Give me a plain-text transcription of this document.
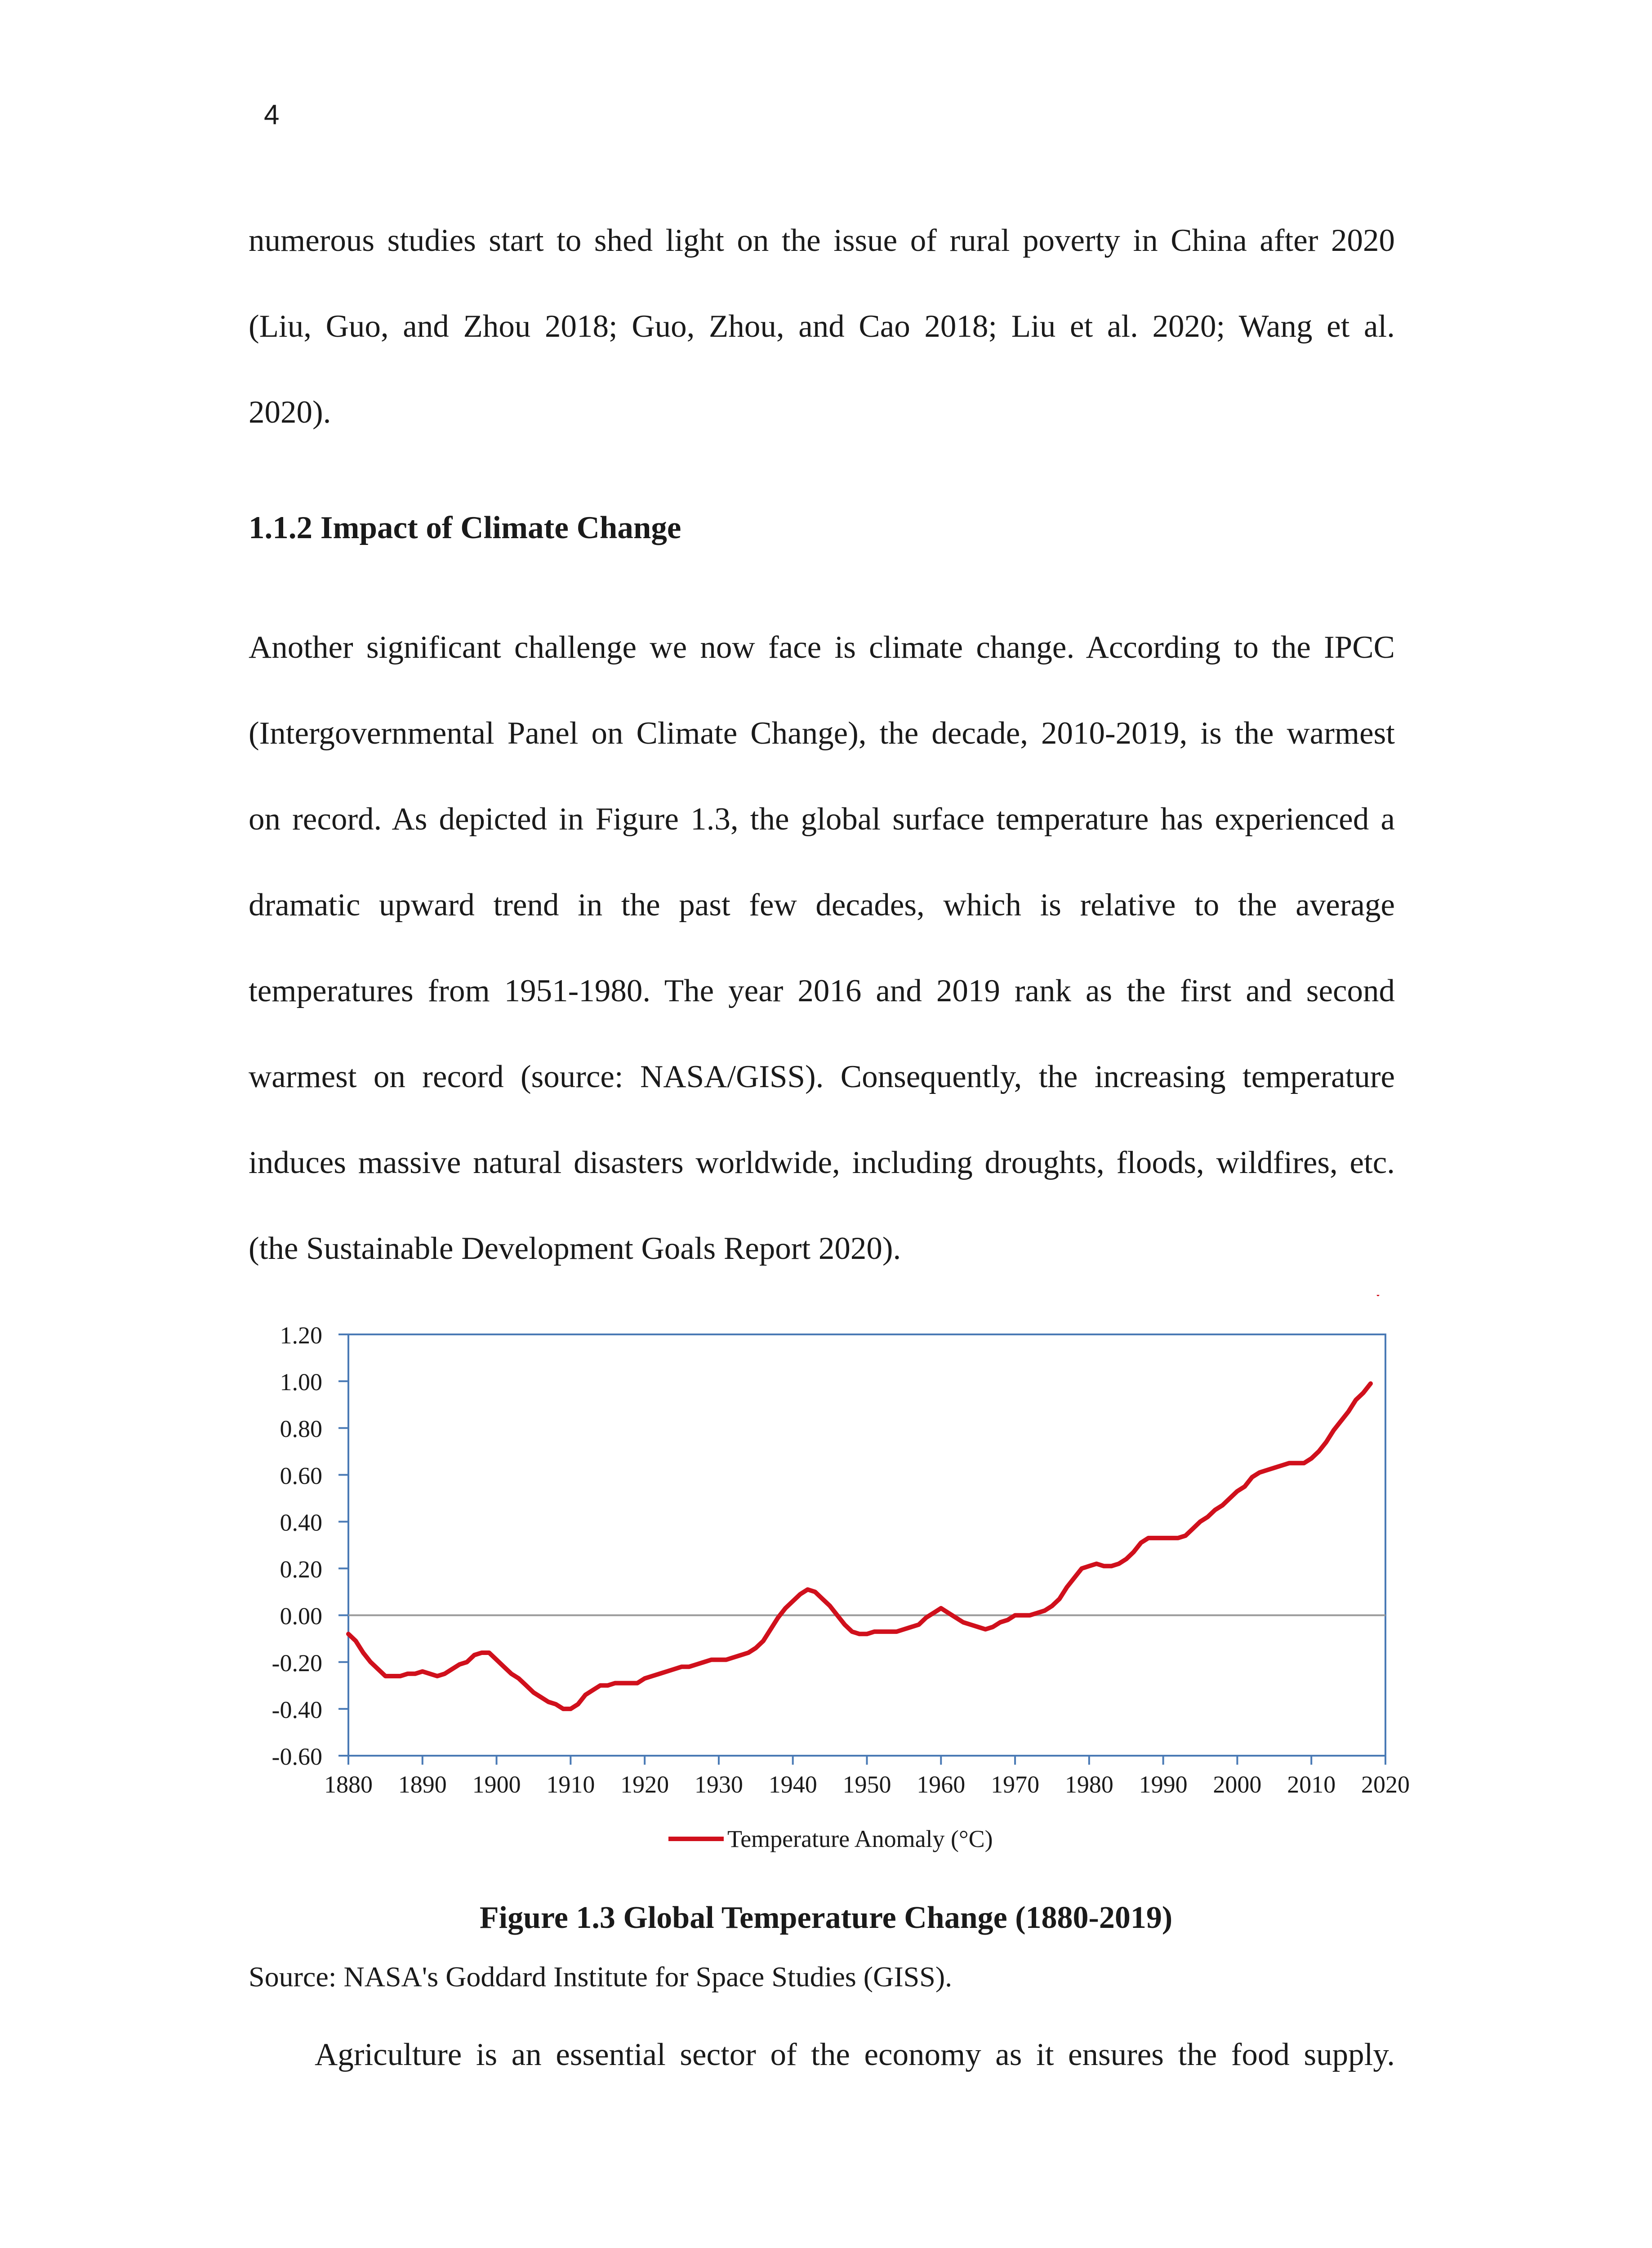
4
numerous studies start to shed light on the issue of rural poverty in China after 2020
(Liu, Guo, and Zhou 2018; Guo, Zhou, and Cao 2018; Liu et al. 2020; Wang et al.
2020).
1.1.2 Impact of Climate Change
Another significant challenge we now face is climate change. According to the IPCC
(Intergovernmental Panel on Climate Change), the decade, 2010-2019, is the warmest
on record. As depicted in Figure 1.3, the global surface temperature has experienced a
dramatic upward trend in the past few decades, which is relative to the average
temperatures from 1951-1980. The year 2016 and 2019 rank as the first and second
warmest on record (source: NASA/GISS). Consequently, the increasing temperature
induces massive natural disasters worldwide, including droughts, floods, wildfires, etc.
(the Sustainable Development Goals Report 2020).
1.20
1.00
0.80
0.60
0.40
0.20
0.00
-0.20
-0.40
-0.60
1880 1890 1900 1910 1920 1930 1940 1950 1960 1970 1980 1990 2000 2010 2020
Temperature Anomaly (°C)
Figure 1.3 Global Temperature Change (1880-2019)
Source: NASA's Goddard Institute for Space Studies (GISS).
Agriculture is an essential sector of the economy as it ensures the food supply.
